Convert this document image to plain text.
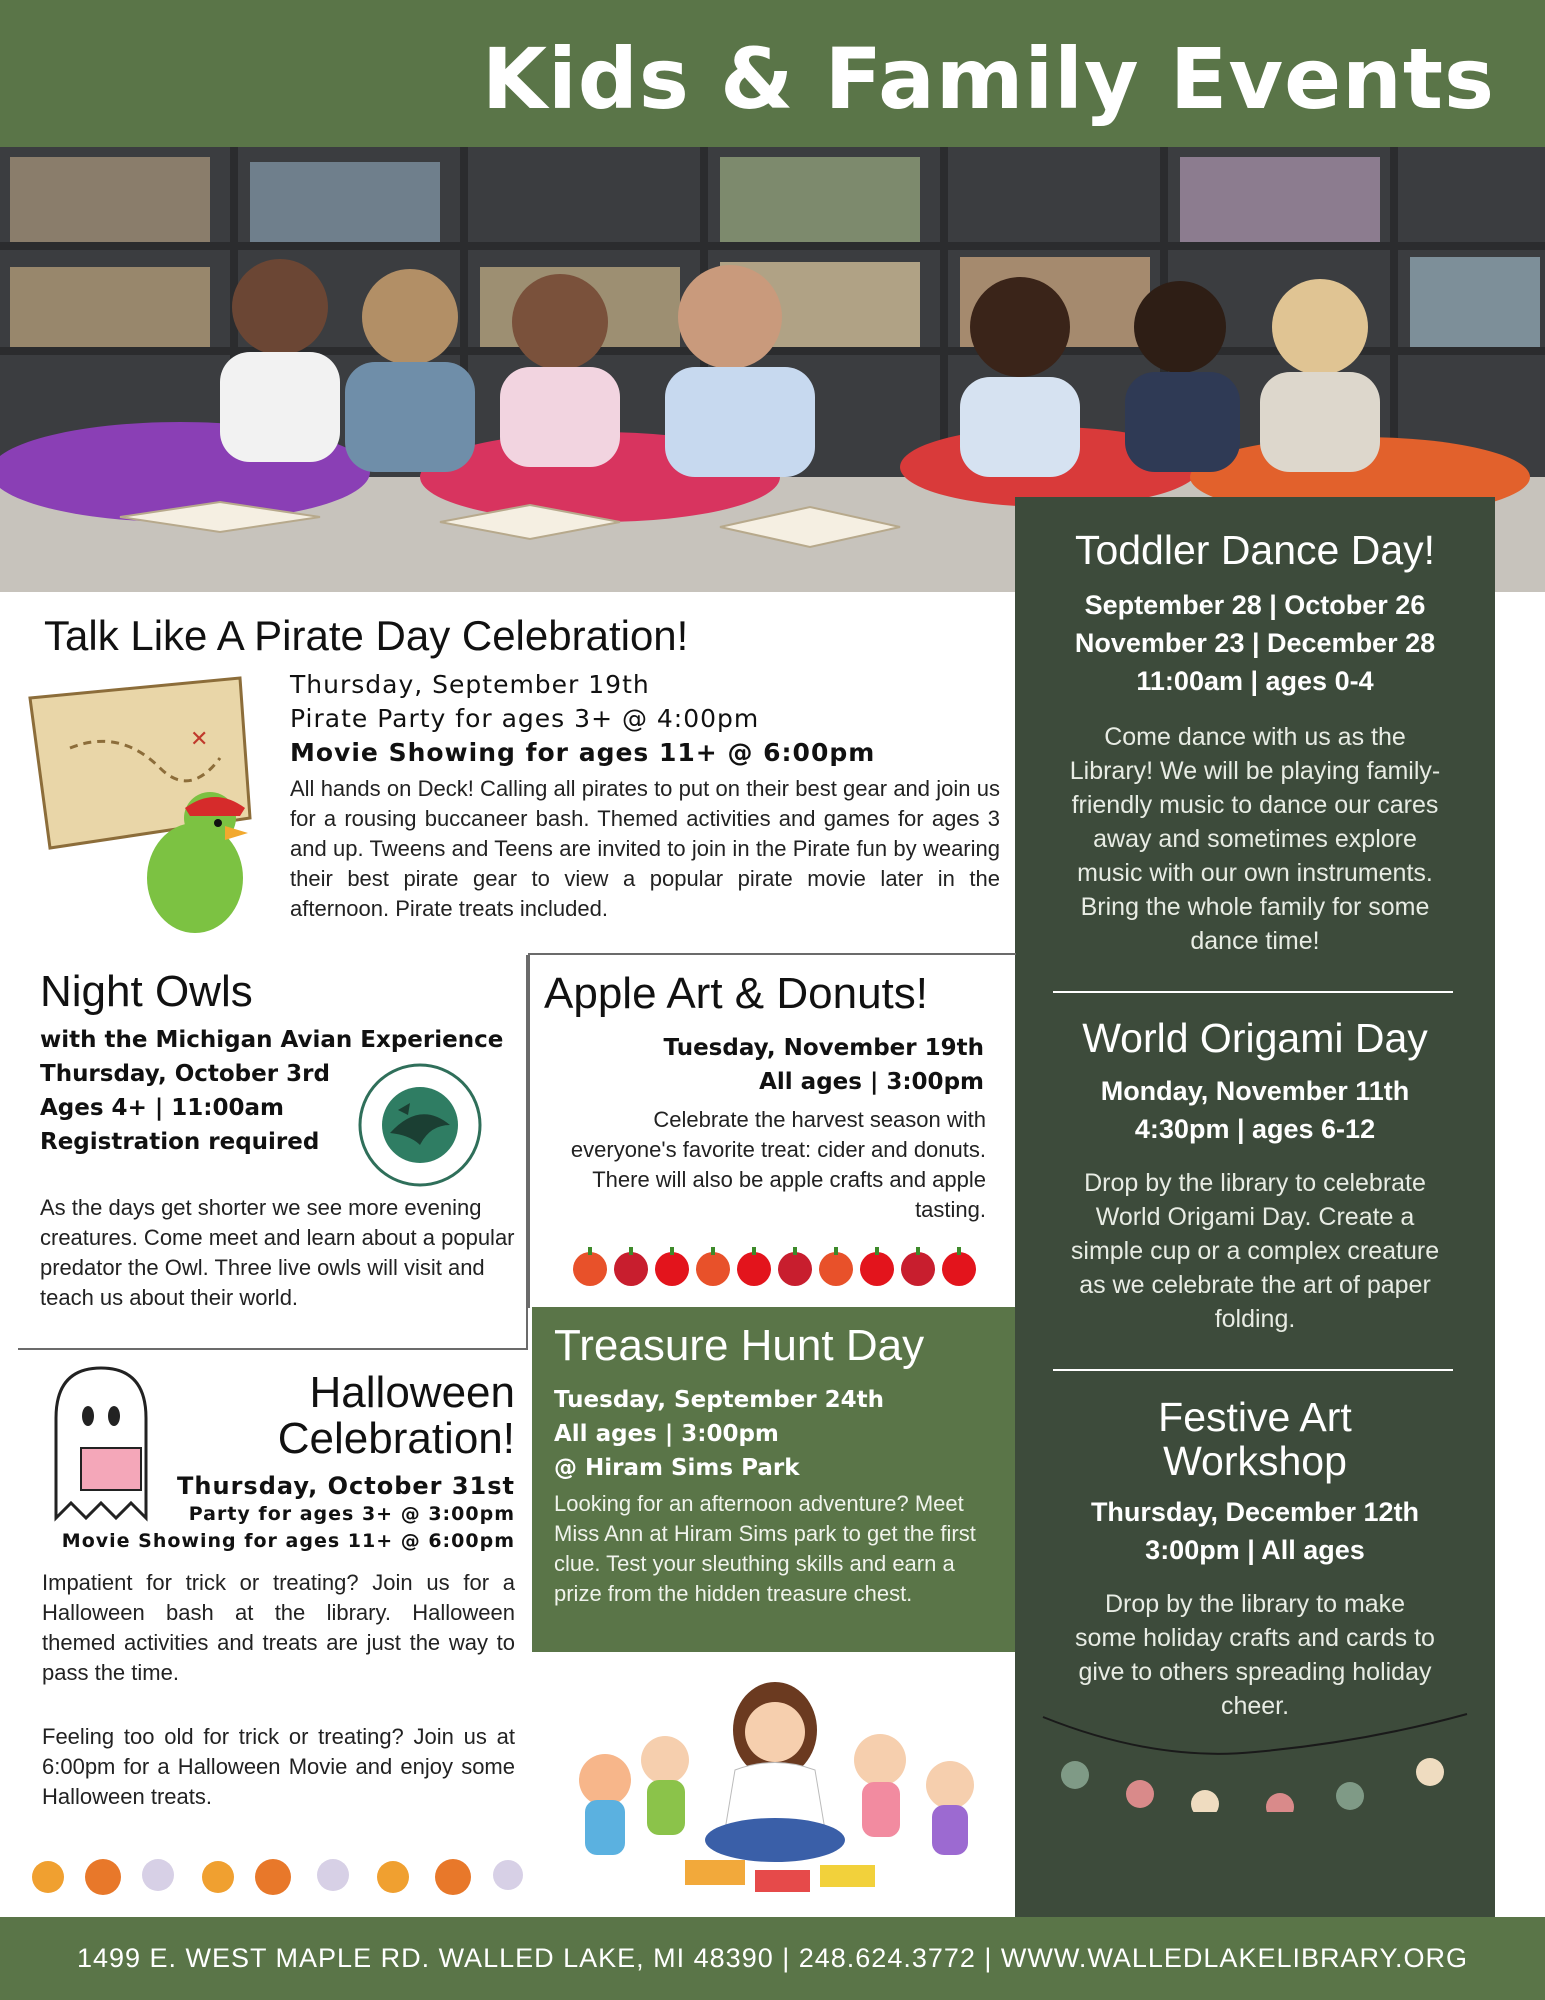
Kids & Family Events
Toddler Dance Day!
September 28 | October 26
November 23 | December 28
11:00am | ages 0-4
Come dance with us as the Library! We will be playing family-friendly music to dance our cares away and sometimes explore music with our own instruments. Bring the whole family for some dance time!
World Origami Day
Monday, November 11th
4:30pm | ages 6-12
Drop by the library to celebrate World Origami Day. Create a simple cup or a complex creature as we celebrate the art of paper folding.
Festive Art
Workshop
Thursday, December 12th
3:00pm | All ages
Drop by the library to make some holiday crafts and cards to give to others spreading holiday cheer.
Talk Like A Pirate Day Celebration!
✕
Thursday, September 19th
Pirate Party for ages 3+ @ 4:00pm
Movie Showing for ages 11+ @ 6:00pm
All hands on Deck! Calling all pirates to put on their best gear and join us for a rousing buccaneer bash. Themed activities and games for ages 3 and up. Tweens and Teens are invited to join in the Pirate fun by wearing their best pirate gear to view a popular pirate movie later in the afternoon. Pirate treats included.
Night Owls
with the Michigan Avian Experience
Thursday, October 3rd
Ages 4+ | 11:00am
Registration required
As the days get shorter we see more evening creatures. Come meet and learn about a popular predator the Owl. Three live owls will visit and teach us about their world.
Apple Art & Donuts!
Tuesday, November 19th
All ages | 3:00pm
Celebrate the harvest season with everyone's favorite treat: cider and donuts. There will also be apple crafts and apple tasting.
Treasure Hunt Day
Tuesday, September 24th
All ages | 3:00pm
@ Hiram Sims Park
Looking for an afternoon adventure? Meet Miss Ann at Hiram Sims park to get the first clue. Test your sleuthing skills and earn a prize from the hidden treasure chest.
Halloween
Celebration!
Thursday, October 31st
Party for ages 3+ @ 3:00pm
Movie Showing for ages 11+ @ 6:00pm
Impatient for trick or treating? Join us for a Halloween bash at the library. Halloween themed activities and treats are just the way to pass the time.
Feeling too old for trick or treating? Join us at 6:00pm for a Halloween Movie and enjoy some Halloween treats.
1499 E. WEST MAPLE RD. WALLED LAKE, MI 48390 | 248.624.3772 | WWW.WALLEDLAKELIBRARY.ORG
